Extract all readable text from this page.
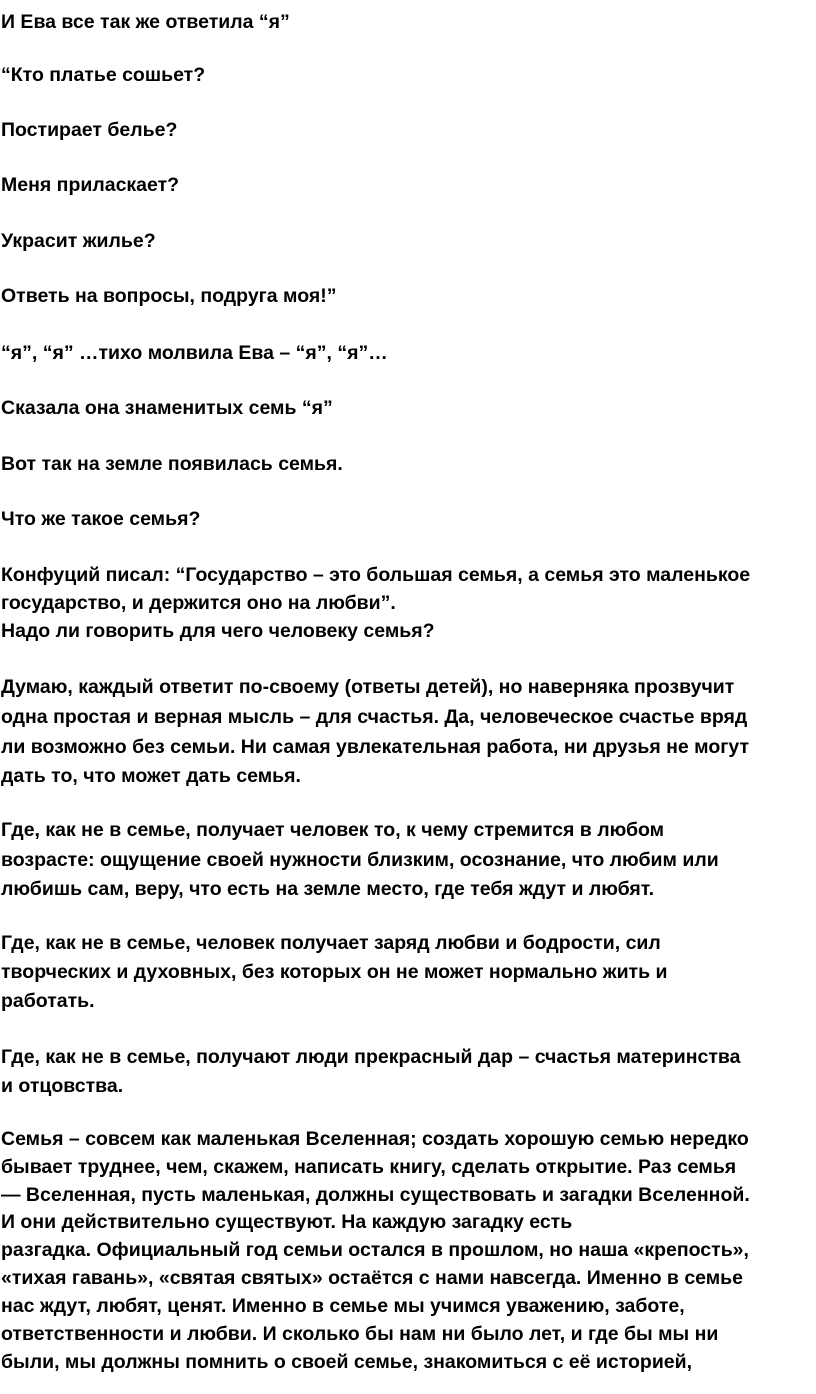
И Ева все так же ответила “я”

“Кто платье сошьет?

Постирает белье?

Меня приласкает?

Украсит жилье?

Ответь на вопросы, подруга моя!”

“я”, “я” …тихо молвила Ева – “я”, “я”…

Сказала она знаменитых семь “я”

Вот так на земле появилась семья.

Что же такое семья?

Конфуций писал: “Государство – это большая семья, а семья это маленькое

государство, и держится оно на любви”.

Надо ли говорить для чего человеку семья?

Думаю, каждый ответит по-своему (ответы детей), но наверняка прозвучит

одна простая и верная мысль – для счастья. Да, человеческое счастье вряд

ли возможно без семьи. Ни самая увлекательная работа, ни друзья не могут

дать то, что может дать семья.

Где, как не в семье, получает человек то, к чему стремится в любом

возрасте: ощущение своей нужности близким, осознание, что любим или

любишь сам, веру, что есть на земле место, где тебя ждут и любят.

Где, как не в семье, человек получает заряд любви и бодрости, сил

творческих и духовных, без которых он не может нормально жить и

работать.

Где, как не в семье, получают люди прекрасный дар – счастья материнства

и отцовства.

Семья – совсем как маленькая Вселенная; создать хорошую семью нередко

бывает труднее, чем, скажем, написать книгу, сделать открытие. Раз семья

— Вселенная, пусть маленькая, должны существовать и загадки Вселенной.

И они действительно существуют. На каждую загадку есть

разгадка. Официальный год семьи остался в прошлом, но наша «крепость»,

«тихая гавань», «святая святых» остаётся с нами навсегда. Именно в семье

нас ждут, любят, ценят. Именно в семье мы учимся уважению, заботе,

ответственности и любви. И сколько бы нам ни было лет, и где бы мы ни

были, мы должны помнить о своей семье, знакомиться с её историей,
